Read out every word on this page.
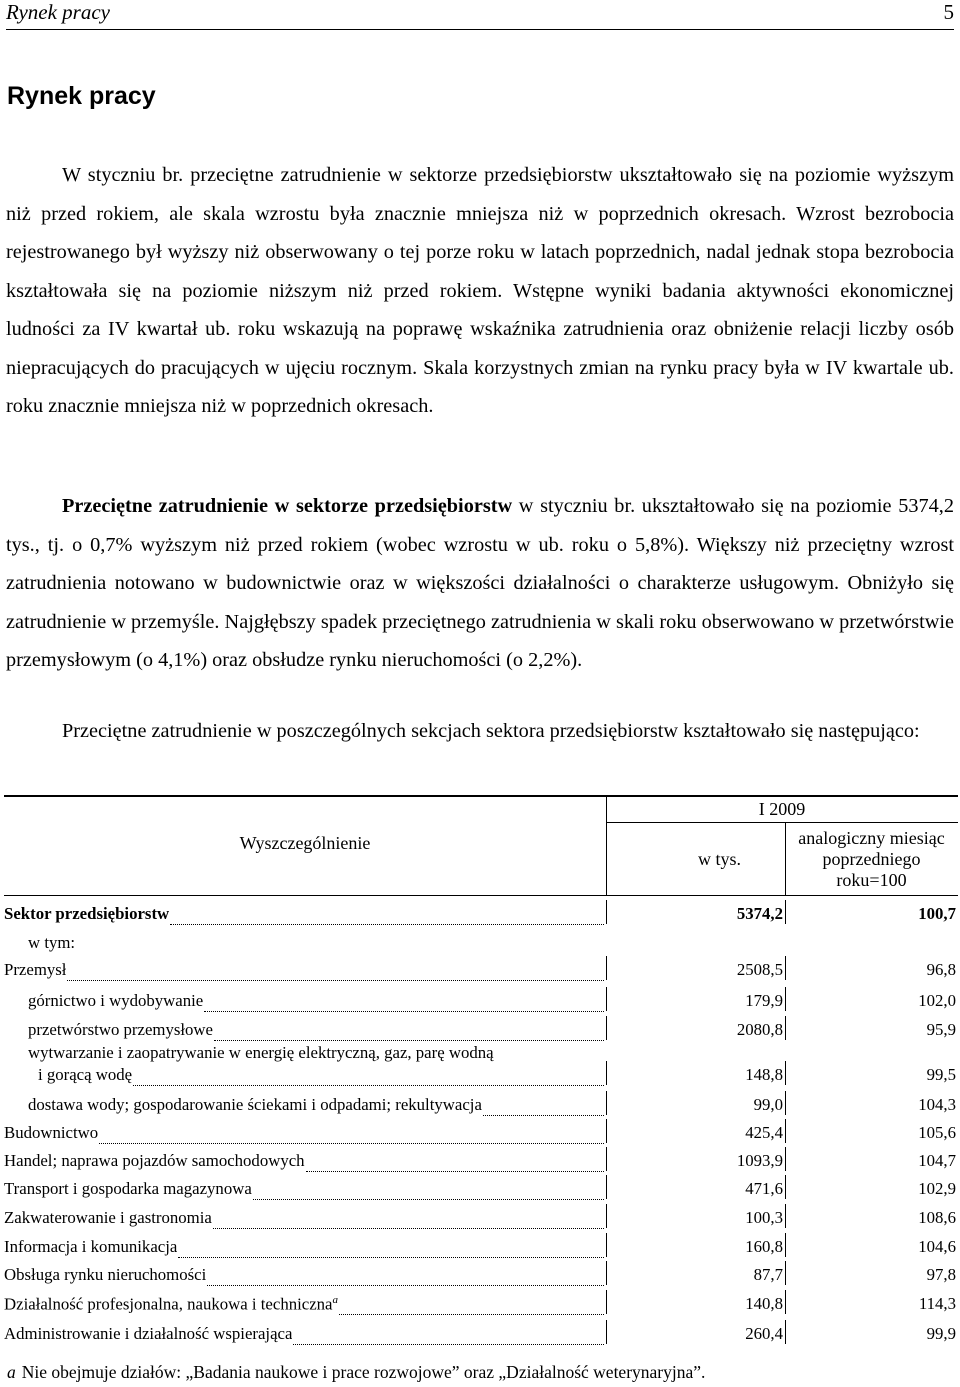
Rynek pracy	5
Rynek pracy

W styczniu br. przeciętne zatrudnienie w sektorze przedsiębiorstw ukształtowało się na poziomie wyższym niż przed rokiem, ale skala wzrostu była znacznie mniejsza niż w poprzednich okresach. Wzrost bezrobocia rejestrowanego był wyższy niż obserwowany o tej porze roku w latach poprzednich, nadal jednak stopa bezrobocia kształtowała się na poziomie niższym niż przed rokiem. Wstępne wyniki badania aktywności ekonomicznej ludności za IV kwartał ub. roku wskazują na poprawę wskaźnika zatrudnienia oraz obniżenie relacji liczby osób niepracujących do pracujących w ujęciu rocznym. Skala korzystnych zmian na rynku pracy była w IV kwartale ub. roku znacznie mniejsza niż w poprzednich okresach.

Przeciętne zatrudnienie w sektorze przedsiębiorstw w styczniu br. ukształtowało się na poziomie 5374,2 tys., tj. o 0,7% wyższym niż przed rokiem (wobec wzrostu w ub. roku o 5,8%). Większy niż przeciętny wzrost zatrudnienia notowano w budownictwie oraz w większości działalności o charakterze usługowym. Obniżyło się zatrudnienie w przemyśle. Najgłębszy spadek przeciętnego zatrudnienia w skali roku obserwowano w przetwórstwie przemysłowym (o 4,1%) oraz obsłudze rynku nieruchomości (o 2,2%).

Przeciętne zatrudnienie w poszczególnych sekcjach sektora przedsiębiorstw kształtowało się następująco:

I 2009
Wyszczególnienie
w tys.
analogiczny miesiąc
poprzedniego
roku=100
w tym:
Sektor przedsiębiorstw	5374,2	100,7
Przemysł	2508,5	96,8
górnictwo i wydobywanie	179,9	102,0
przetwórstwo przemysłowe	2080,8	95,9
wytwarzanie i zaopatrywanie w energię elektryczną, gaz, parę wodną
i gorącą wodę	148,8	99,5
dostawa wody; gospodarowanie ściekami i odpadami; rekultywacja	99,0	104,3
Budownictwo	425,4	105,6
Handel; naprawa pojazdów samochodowych	1093,9	104,7
Transport i gospodarka magazynowa	471,6	102,9
Zakwaterowanie i gastronomia	100,3	108,6
Informacja i komunikacja	160,8	104,6
Obsługa rynku nieruchomości	87,7	97,8
Działalność profesjonalna, naukowa i techniczna$^a$	140,8	114,3
Administrowanie i działalność wspierająca	260,4	99,9
a Nie obejmuje działów: „Badania naukowe i prace rozwojowe” oraz „Działalność weterynaryjna”.
